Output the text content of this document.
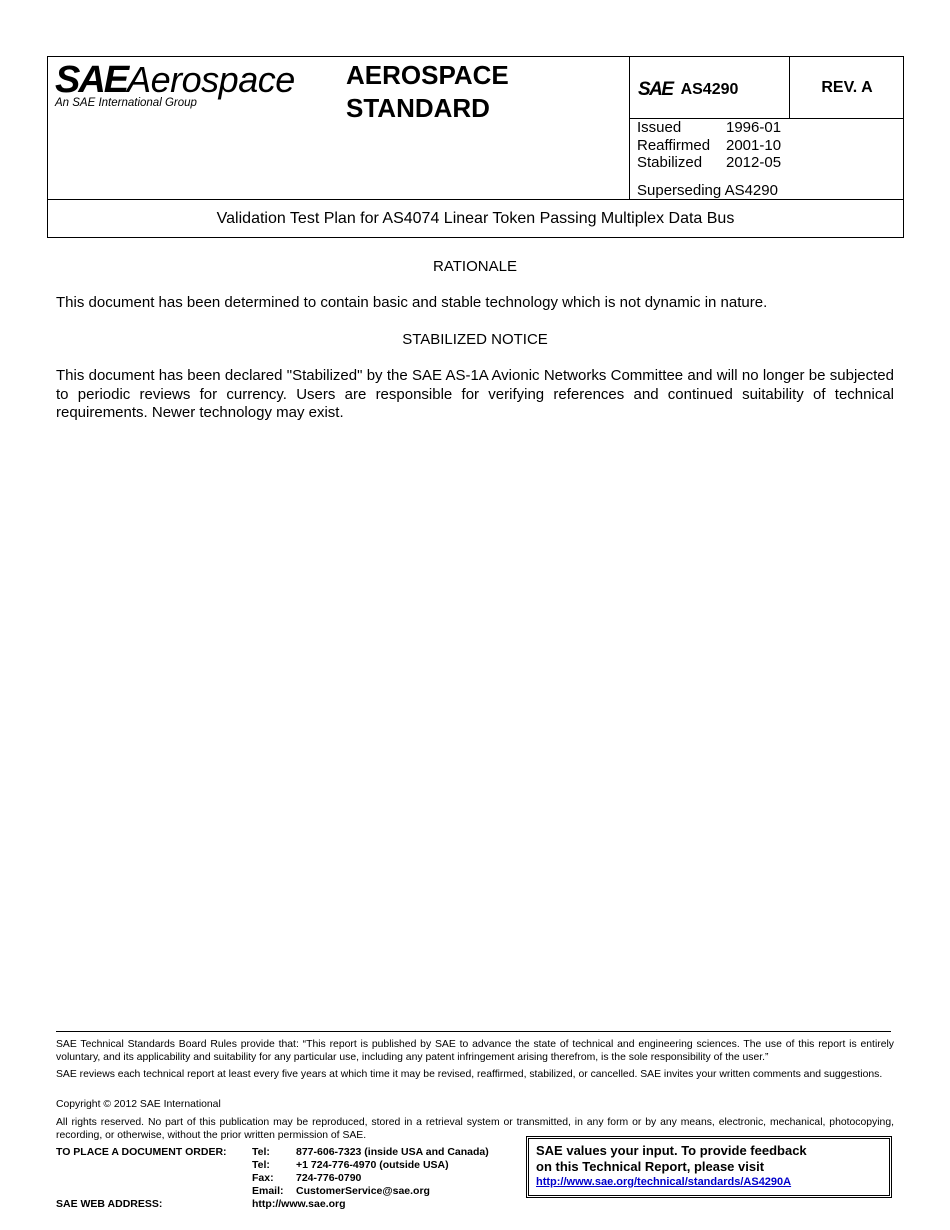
SAEAerospace
An SAE International Group
AEROSPACE
STANDARD
SAE AS4290	REV. A
Issued	1996-01
Reaffirmed	2001-10
Stabilized	2012-05
Superseding AS4290
Validation Test Plan for AS4074 Linear Token Passing Multiplex Data Bus
RATIONALE
This document has been determined to contain basic and stable technology which is not dynamic in nature.
STABILIZED NOTICE
This document has been declared "Stabilized" by the SAE AS-1A Avionic Networks Committee and will no longer be subjected to periodic reviews for currency. Users are responsible for verifying references and continued suitability of technical requirements. Newer technology may exist.
SAE Technical Standards Board Rules provide that: “This report is published by SAE to advance the state of technical and engineering sciences. The use of this report is entirely voluntary, and its applicability and suitability for any particular use, including any patent infringement arising therefrom, is the sole responsibility of the user.”
SAE reviews each technical report at least every five years at which time it may be revised, reaffirmed, stabilized, or cancelled. SAE invites your written comments and suggestions.
Copyright © 2012 SAE International
All rights reserved. No part of this publication may be reproduced, stored in a retrieval system or transmitted, in any form or by any means, electronic, mechanical, photocopying, recording, or otherwise, without the prior written permission of SAE.
TO PLACE A DOCUMENT ORDER:	Tel:	877-606-7323 (inside USA and Canada)
Tel:	+1 724-776-4970 (outside USA)
Fax:	724-776-0790
Email:	CustomerService@sae.org
SAE WEB ADDRESS:	http://www.sae.org
SAE values your input. To provide feedback
on this Technical Report, please visit
http://www.sae.org/technical/standards/AS4290A
